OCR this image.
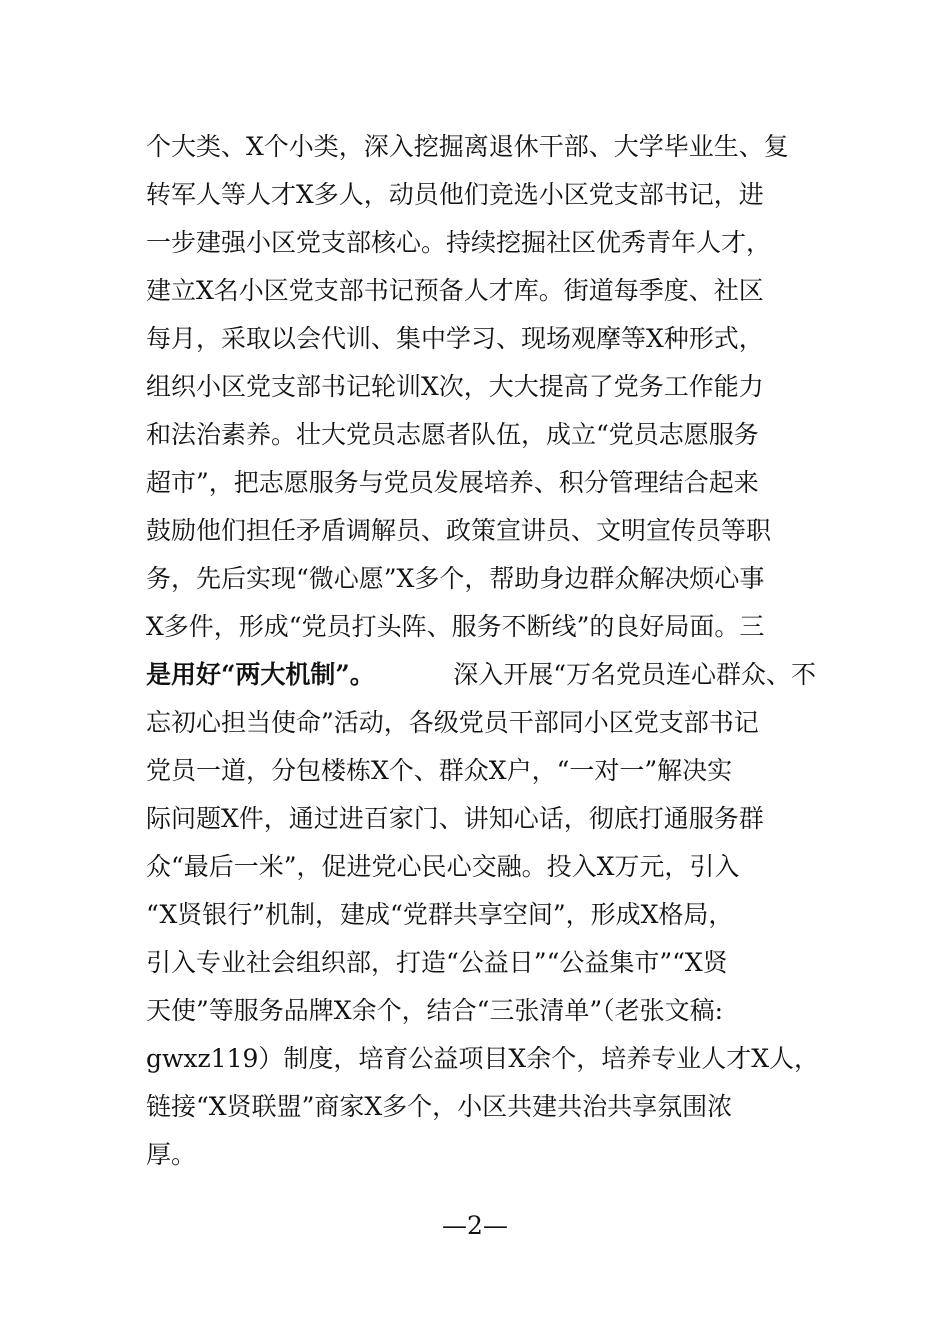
个大类、X个小类，深入挖掘离退休干部、大学毕业生、复
转军人等人才X多人，动员他们竞选小区党支部书记，进
一步建强小区党支部核心。持续挖掘社区优秀青年人才，
建立X名小区党支部书记预备人才库。街道每季度、社区
每月，采取以会代训、集中学习、现场观摩等X种形式，
组织小区党支部书记轮训X次，大大提高了党务工作能力
和法治素养。壮大党员志愿者队伍，成立“党员志愿服务
超市”，把志愿服务与党员发展培养、积分管理结合起来
鼓励他们担任矛盾调解员、政策宣讲员、文明宣传员等职
务，先后实现“微心愿”X多个，帮助身边群众解决烦心事
X多件，形成“党员打头阵、服务不断线”的良好局面。三
是用好“两大机制”。	深入开展“万名党员连心群众、不
忘初心担当使命”活动，各级党员干部同小区党支部书记
党员一道，分包楼栋X个、群众X户，“一对一”解决实
际问题X件，通过进百家门、讲知心话，彻底打通服务群
众“最后一米”，促进党心民心交融。投入X万元，引入
“X贤银行”机制，建成“党群共享空间”，形成X格局，
引入专业社会组织部，打造“公益日”“公益集市”“X贤
天使”等服务品牌X余个，结合“三张清单”（老张文稿:
gwxz119）制度，培育公益项目X余个，培养专业人才X人，
链接“X贤联盟”商家X多个，小区共建共治共享氛围浓
厚。
—2—
